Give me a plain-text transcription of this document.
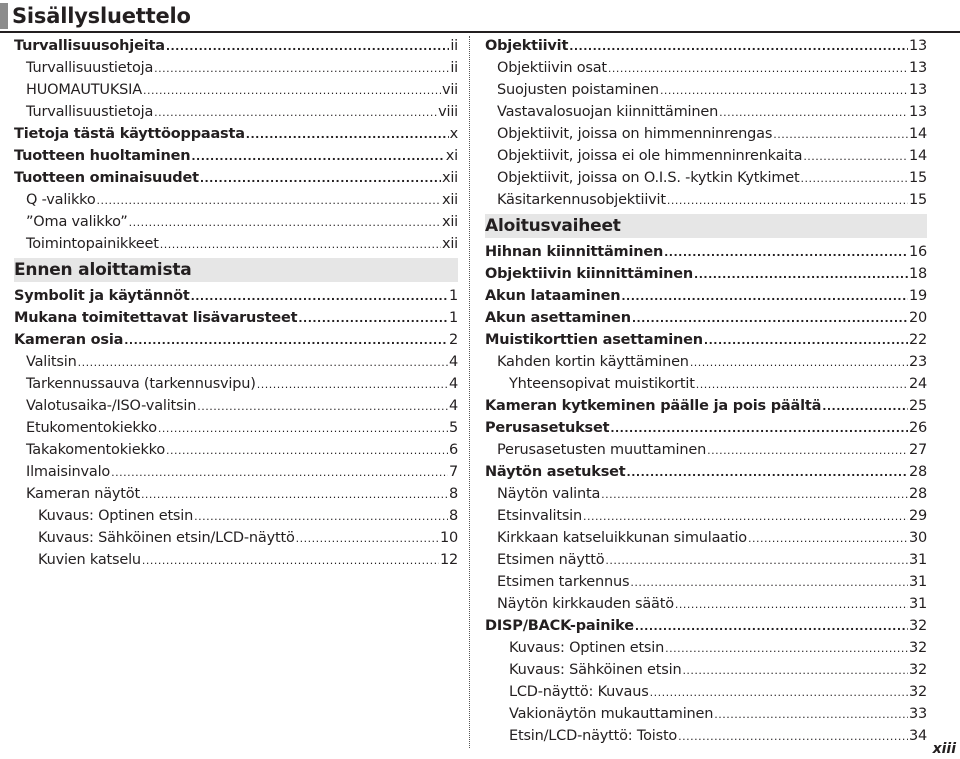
Sisällysluettelo
Turvallisuusohjeita .....	ii
Turvallisuustietoja .....	ii
HUOMAUTUKSIA .....	vii
Turvallisuustietoja .....	viii
Tietoja tästä käyttöoppaasta .....	x
Tuotteen huoltaminen .....	xi
Tuotteen ominaisuudet .....	xii
Q -valikko .....	xii
”Oma valikko” .....	xii
Toimintopainikkeet .....	xii
Ennen aloittamista
Symbolit ja käytännöt .....	1
Mukana toimitettavat lisävarusteet .....	1
Kameran osia .....	2
Valitsin .....	4
Tarkennussauva (tarkennusvipu) .....	4
Valotusaika-/ISO-valitsin .....	4
Etukomentokiekko .....	5
Takakomentokiekko .....	6
Ilmaisinvalo .....	7
Kameran näytöt .....	8
Kuvaus: Optinen etsin .....	8
Kuvaus: Sähköinen etsin/LCD-näyttö .....	10
Kuvien katselu .....	12
Objektiivit .....	13
Objektiivin osat .....	13
Suojusten poistaminen .....	13
Vastavalosuojan kiinnittäminen .....	13
Objektiivit, joissa on himmenninrengas .....	14
Objektiivit, joissa ei ole himmenninrenkaita .....	14
Objektiivit, joissa on O.I.S. -kytkin Kytkimet .....	15
Käsitarkennusobjektiivit .....	15
Aloitusvaiheet
Hihnan kiinnittäminen .....	16
Objektiivin kiinnittäminen .....	18
Akun lataaminen .....	19
Akun asettaminen .....	20
Muistikorttien asettaminen .....	22
Kahden kortin käyttäminen .....	23
Yhteensopivat muistikortit .....	24
Kameran kytkeminen päälle ja pois päältä .....	25
Perusasetukset .....	26
Perusasetusten muuttaminen .....	27
Näytön asetukset .....	28
Näytön valinta .....	28
Etsinvalitsin .....	29
Kirkkaan katseluikkunan simulaatio .....	30
Etsimen näyttö .....	31
Etsimen tarkennus .....	31
Näytön kirkkauden säätö .....	31
DISP/BACK-painike .....	32
Kuvaus: Optinen etsin .....	32
Kuvaus: Sähköinen etsin .....	32
LCD-näyttö: Kuvaus .....	32
Vakionäytön mukauttaminen .....	33
Etsin/LCD-näyttö: Toisto .....	34
xiii
